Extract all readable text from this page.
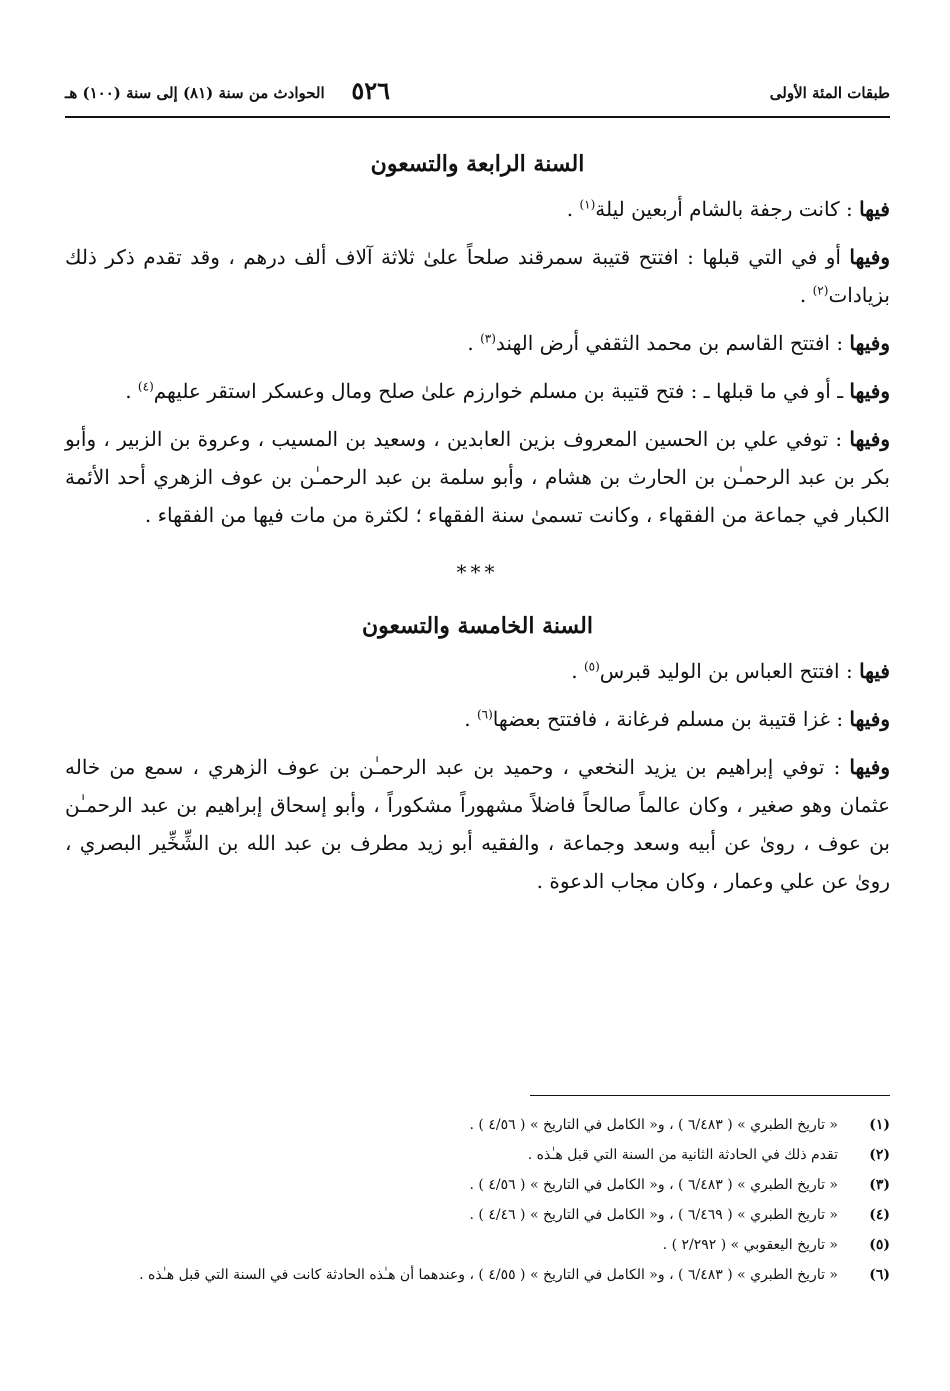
طبقات المئة الأولى
٥٢٦
الحوادث من سنة (٨١) إلى سنة (١٠٠) هـ
السنة الرابعة والتسعون

فيها : كانت رجفة بالشام أربعين ليلة$^{(١)}$ .

وفيها أو في التي قبلها : افتتح قتيبة سمرقند صلحاً علىٰ ثلاثة آلاف ألف درهم ، وقد تقدم ذكر ذلك بزيادات$^{(٢)}$ .

وفيها : افتتح القاسم بن محمد الثقفي أرض الهند$^{(٣)}$ .

وفيها ـ أو في ما قبلها ـ : فتح قتيبة بن مسلم خوارزم علىٰ صلح ومال وعسكر استقر عليهم$^{(٤)}$ .

وفيها : توفي علي بن الحسين المعروف بزين العابدين ، وسعيد بن المسيب ، وعروة بن الزبير ، وأبو بكر بن عبد الرحمـٰن بن الحارث بن هشام ، وأبو سلمة بن عبد الرحمـٰن بن عوف الزهري أحد الأئمة الكبار في جماعة من الفقهاء ، وكانت تسمىٰ سنة الفقهاء ؛ لكثرة من مات فيها من الفقهاء .

***
السنة الخامسة والتسعون

فيها : افتتح العباس بن الوليد قبرس$^{(٥)}$ .

وفيها : غزا قتيبة بن مسلم فرغانة ، فافتتح بعضها$^{(٦)}$ .

وفيها : توفي إبراهيم بن يزيد النخعي ، وحميد بن عبد الرحمـٰن بن عوف الزهري ، سمع من خاله عثمان وهو صغير ، وكان عالماً صالحاً فاضلاً مشهوراً مشكوراً ، وأبو إسحاق إبراهيم بن عبد الرحمـٰن بن عوف ، روىٰ عن أبيه وسعد وجماعة ، والفقيه أبو زيد مطرف بن عبد الله بن الشِّخِّير البصري ، روىٰ عن علي وعمار ، وكان مجاب الدعوة .

(١)
« تاريخ الطبري » ( ٦/٤٨٣ ) ، و« الكامل في التاريخ » ( ٤/٥٦ ) .
(٢)
تقدم ذلك في الحادثة الثانية من السنة التي قبل هـٰذه .
(٣)
« تاريخ الطبري » ( ٦/٤٨٣ ) ، و« الكامل في التاريخ » ( ٤/٥٦ ) .
(٤)
« تاريخ الطبري » ( ٦/٤٦٩ ) ، و« الكامل في التاريخ » ( ٤/٤٦ ) .
(٥)
« تاريخ اليعقوبي » ( ٢/٢٩٢ ) .
(٦)
« تاريخ الطبري » ( ٦/٤٨٣ ) ، و« الكامل في التاريخ » ( ٤/٥٥ ) ، وعندهما أن هـٰذه الحادثة كانت في السنة التي قبل هـٰذه .
